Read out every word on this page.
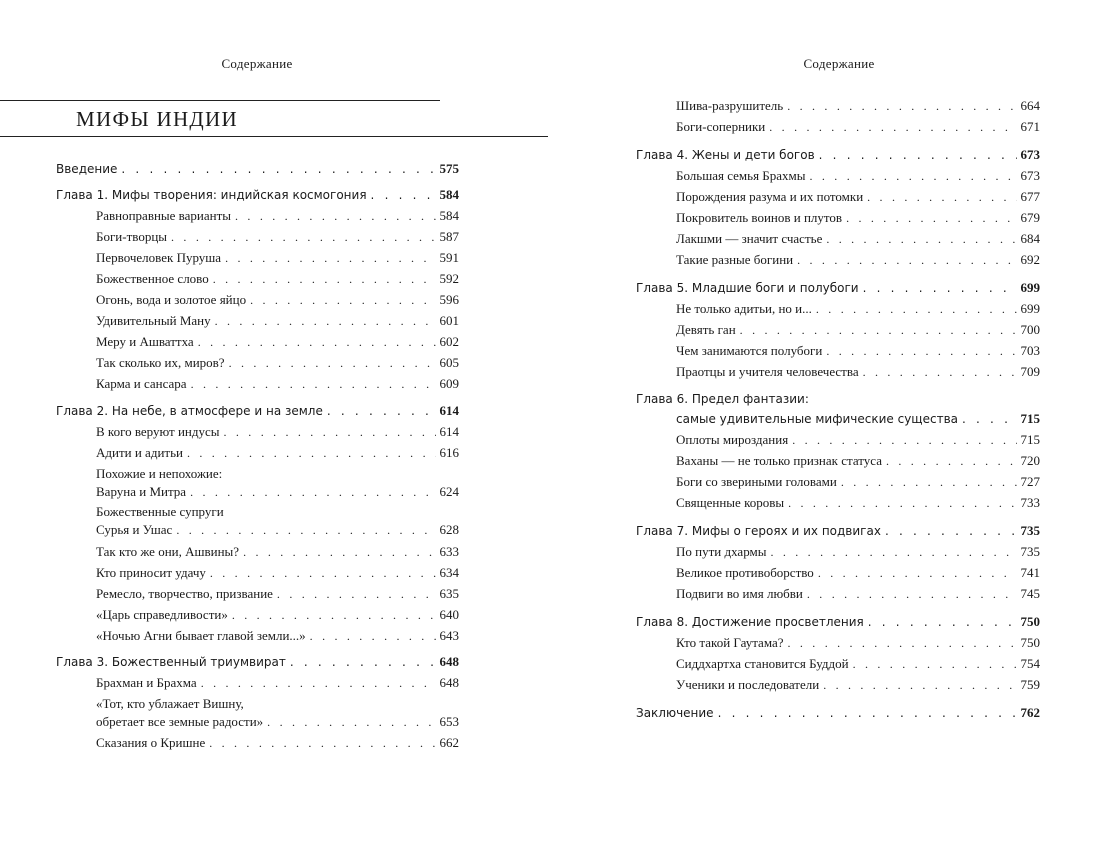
Содержание
МИФЫ ИНДИИ
Введение . . .	575
Глава 1. Мифы творения: индийская космогония . . .	584
Равноправные варианты . . .	584
Боги-творцы . . .	587
Первочеловек Пуруша . . .	591
Божественное слово . . .	592
Огонь, вода и золотое яйцо . . .	596
Удивительный Ману . . .	601
Меру и Ашваттха . . .	602
Так сколько их, миров? . . .	605
Карма и сансара . . .	609
Глава 2. На небе, в атмосфере и на земле . . .	614
В кого веруют индусы . . .	614
Адити и адитьи . . .	616
Похожие и непохожие:
Варуна и Митра . . .	624
Божественные супруги
Сурья и Ушас . . .	628
Так кто же они, Ашвины? . . .	633
Кто приносит удачу . . .	634
Ремесло, творчество, призвание . . .	635
«Царь справедливости» . . .	640
«Ночью Агни бывает главой земли...» . . .	643
Глава 3. Божественный триумвират . . .	648
Брахман и Брахма . . .	648
«Тот, кто ублажает Вишну,
обретает все земные радости» . . .	653
Сказания о Кришне . . .	662
Содержание
Шива-разрушитель . . .	664
Боги-соперники . . .	671
Глава 4. Жены и дети богов . . .	673
Большая семья Брахмы . . .	673
Порождения разума и их потомки . . .	677
Покровитель воинов и плутов . . .	679
Лакшми — значит счастье . . .	684
Такие разные богини . . .	692
Глава 5. Младшие боги и полубоги . . .	699
Не только адитьи, но и... . . .	699
Девять ган . . .	700
Чем занимаются полубоги . . .	703
Праотцы и учителя человечества . . .	709
Глава 6. Предел фантазии:
самые удивительные мифические существа . . .	715
Оплоты мироздания . . .	715
Ваханы — не только признак статуса . . .	720
Боги со звериными головами . . .	727
Священные коровы . . .	733
Глава 7. Мифы о героях и их подвигах . . .	735
По пути дхармы . . .	735
Великое противоборство . . .	741
Подвиги во имя любви . . .	745
Глава 8. Достижение просветления . . .	750
Кто такой Гаутама? . . .	750
Сиддхартха становится Буддой . . .	754
Ученики и последователи . . .	759
Заключение . . .	762
